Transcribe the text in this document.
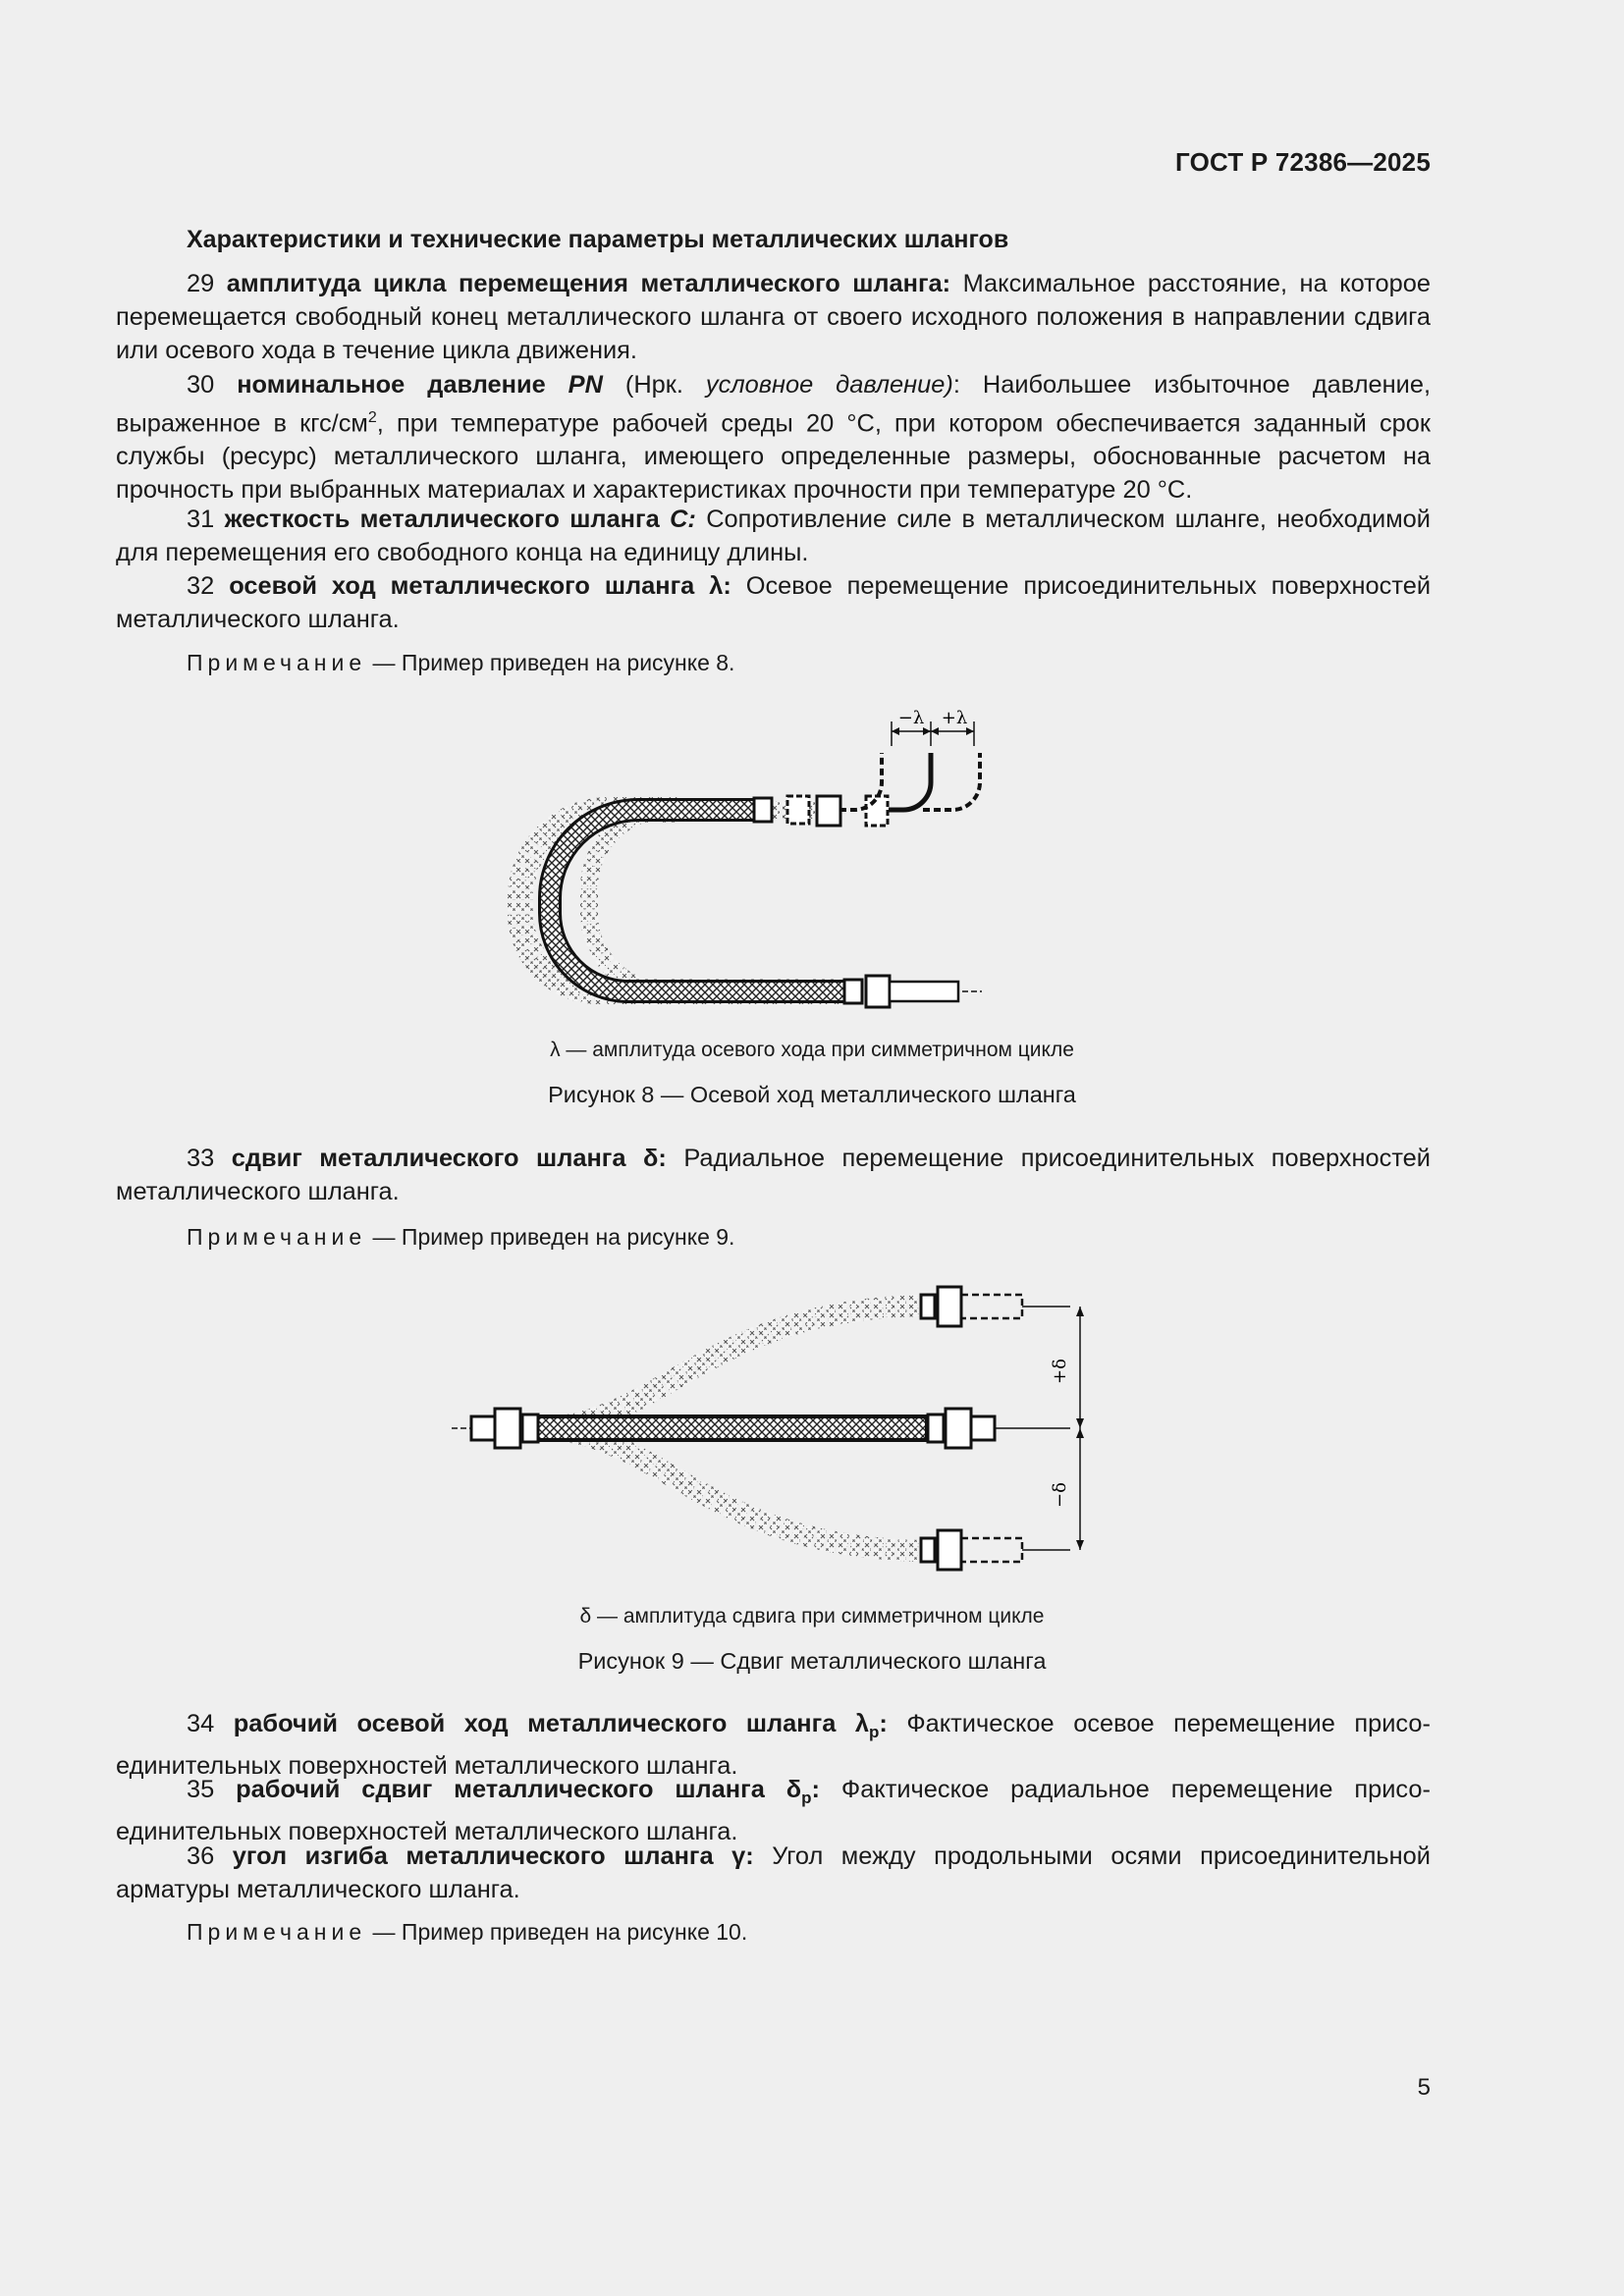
ГОСТ Р 72386—2025
Характеристики и технические параметры металлических шлангов
29 амплитуда цикла перемещения металлического шланга: Максимальное расстояние, на которое перемещается свободный конец металлического шланга от своего исходного положения в направлении сдвига или осевого хода в течение цикла движения.
30 номинальное давление PN (Нрк. условное давление): Наибольшее избыточное давление, выраженное в кгс/$см^2$, при температуре рабочей среды 20 °С, при котором обеспечивается заданный срок службы (ресурс) металлического шланга, имеющего определенные размеры, обоснованные расчетом на прочность при выбранных материалах и характеристиках прочности при температуре 20 °С.
31 жесткость металлического шланга C: Сопротивление силе в металлическом шланге, необходимой для перемещения его свободного конца на единицу длины.
32 осевой ход металлического шланга λ: Осевое перемещение присоединительных поверхностей металлического шланга.
Примечание — Пример приведен на рисунке 8.
−λ +λ
λ — амплитуда осевого хода при симметричном цикле
Рисунок 8 — Осевой ход металлического шланга
33 сдвиг металлического шланга δ: Радиальное перемещение присоединительных поверхностей металлического шланга.
Примечание — Пример приведен на рисунке 9.
+δ
−δ
δ — амплитуда сдвига при симметричном цикле
Рисунок 9 — Сдвиг металлического шланга
34 рабочий осевой ход металлического шланга $\lambda_р$: Фактическое осевое перемещение присоединительных поверхностей металлического шланга.
35 рабочий сдвиг металлического шланга $\delta_р$: Фактическое радиальное перемещение присоединительных поверхностей металлического шланга.
36 угол изгиба металлического шланга γ: Угол между продольными осями присоединительной арматуры металлического шланга.
Примечание — Пример приведен на рисунке 10.
5
